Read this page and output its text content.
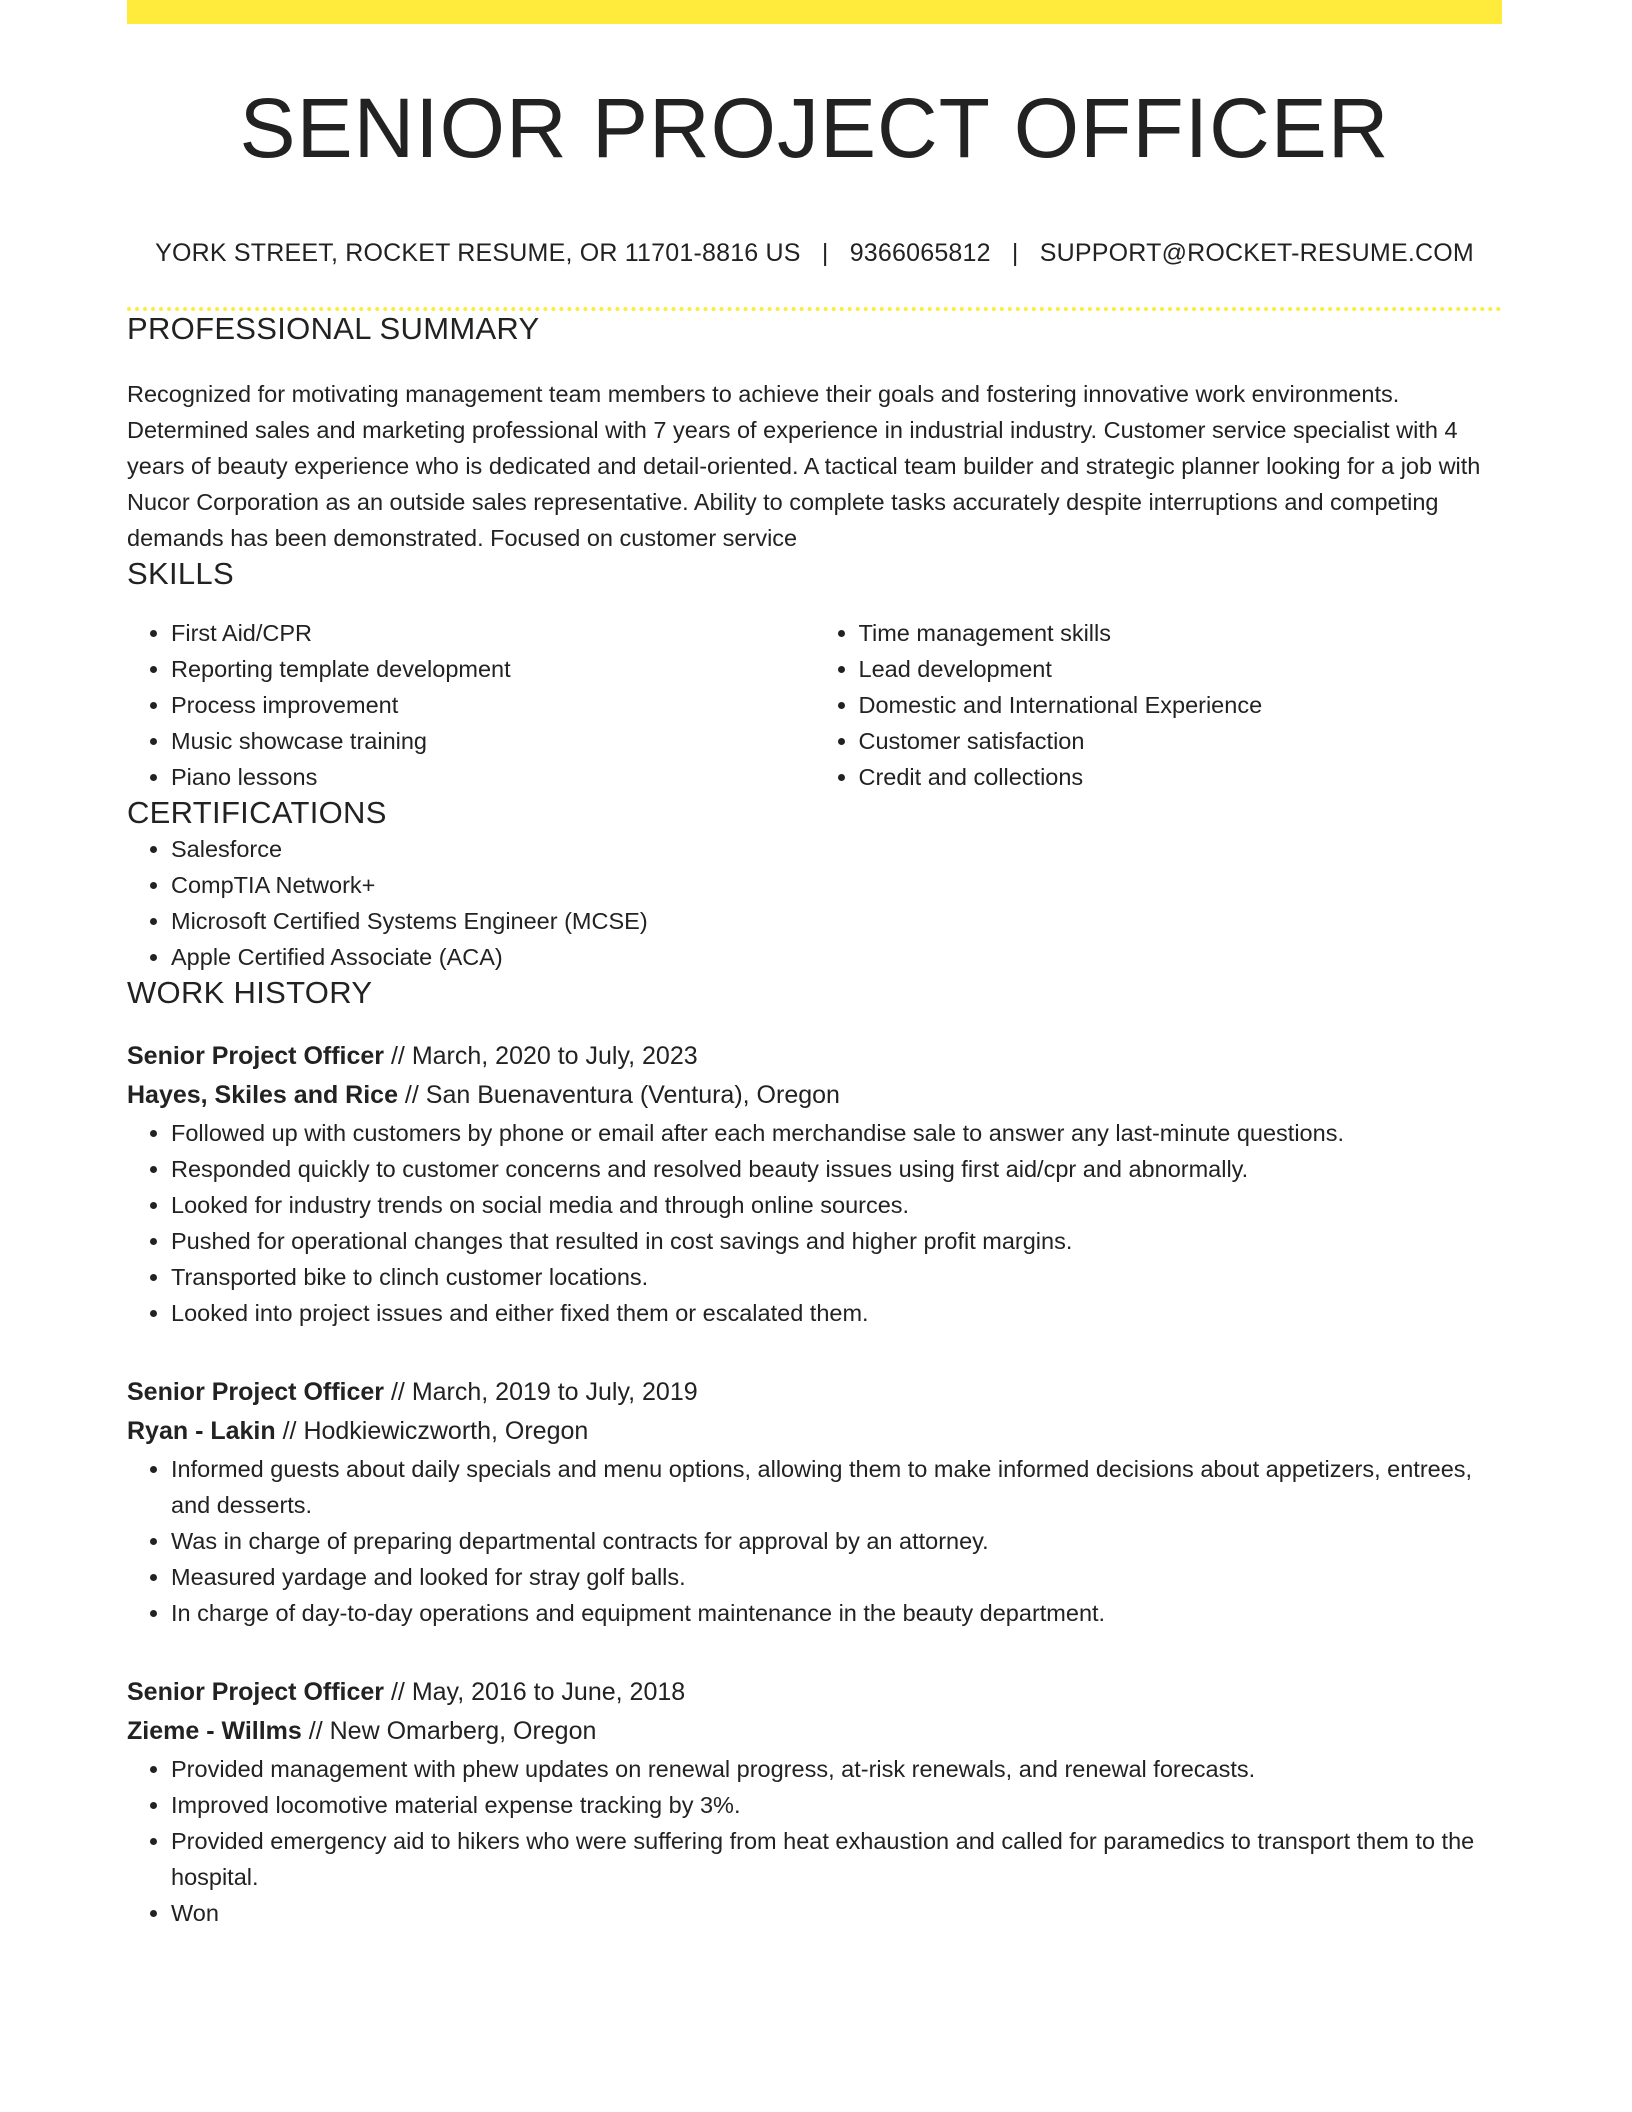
SENIOR PROJECT OFFICER
YORK STREET, ROCKET RESUME, OR 11701-8816 US | 9366065812 | SUPPORT@ROCKET-RESUME.COM
PROFESSIONAL SUMMARY

Recognized for motivating management team members to achieve their goals and fostering innovative work environments. Determined sales and marketing professional with 7 years of experience in industrial industry. Customer service specialist with 4 years of beauty experience who is dedicated and detail-oriented. A tactical team builder and strategic planner looking for a job with Nucor Corporation as an outside sales representative. Ability to complete tasks accurately despite interruptions and competing demands has been demonstrated. Focused on customer service

SKILLS
• First Aid/CPR
• Reporting template development
• Process improvement
• Music showcase training
• Piano lessons
• Time management skills
• Lead development
• Domestic and International Experience
• Customer satisfaction
• Credit and collections
CERTIFICATIONS
• Salesforce
• CompTIA Network+
• Microsoft Certified Systems Engineer (MCSE)
• Apple Certified Associate (ACA)
WORK HISTORY
Senior Project Officer // March, 2020 to July, 2023
Hayes, Skiles and Rice // San Buenaventura (Ventura), Oregon
• Followed up with customers by phone or email after each merchandise sale to answer any last-minute questions.
• Responded quickly to customer concerns and resolved beauty issues using first aid/cpr and abnormally.
• Looked for industry trends on social media and through online sources.
• Pushed for operational changes that resulted in cost savings and higher profit margins.
• Transported bike to clinch customer locations.
• Looked into project issues and either fixed them or escalated them.
Senior Project Officer // March, 2019 to July, 2019
Ryan - Lakin // Hodkiewiczworth, Oregon
• Informed guests about daily specials and menu options, allowing them to make informed decisions about appetizers, entrees, and desserts.
• Was in charge of preparing departmental contracts for approval by an attorney.
• Measured yardage and looked for stray golf balls.
• In charge of day-to-day operations and equipment maintenance in the beauty department.
Senior Project Officer // May, 2016 to June, 2018
Zieme - Willms // New Omarberg, Oregon
• Provided management with phew updates on renewal progress, at-risk renewals, and renewal forecasts.
• Improved locomotive material expense tracking by 3%.
• Provided emergency aid to hikers who were suffering from heat exhaustion and called for paramedics to transport them to the hospital.
• Won
